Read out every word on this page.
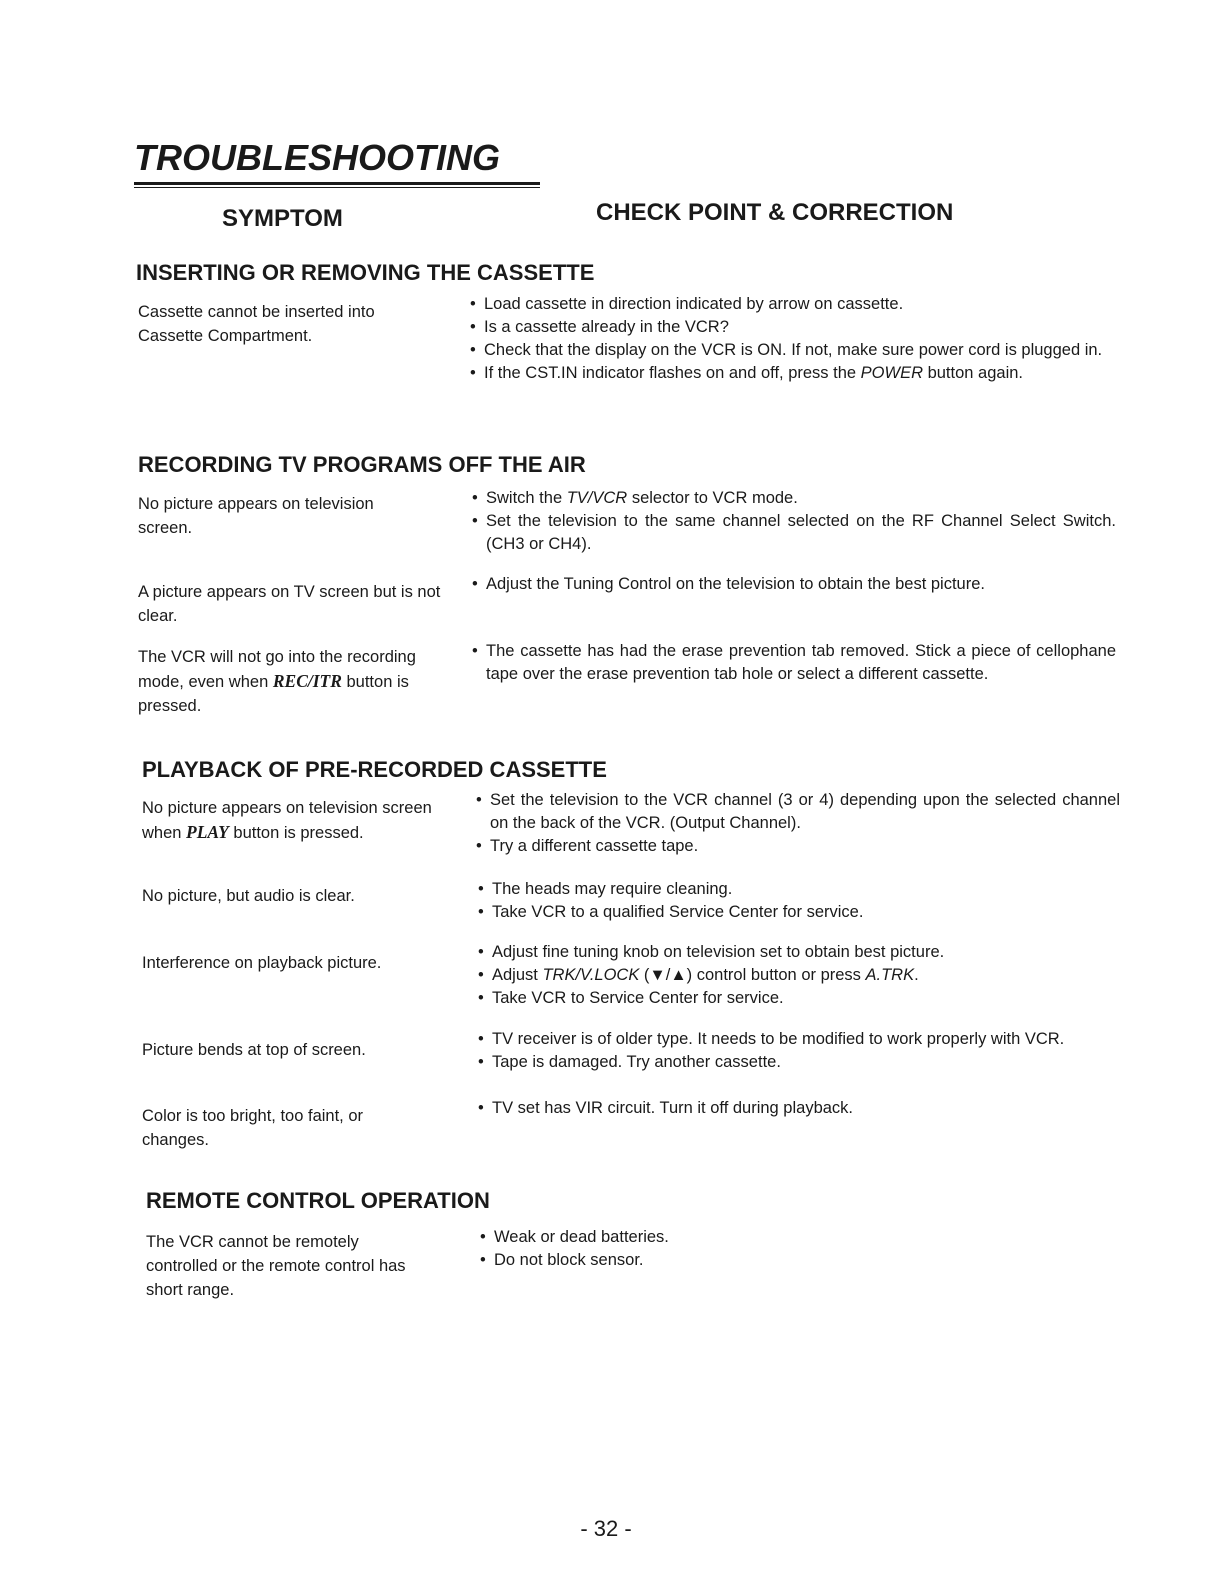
TROUBLESHOOTING
SYMPTOM	CHECK POINT & CORRECTION
INSERTING OR REMOVING THE CASSETTE

Cassette cannot be inserted into Cassette Compartment.

• Load cassette in direction indicated by arrow on cassette.
• Is a cassette already in the VCR?
• Check that the display on the VCR is ON. If not, make sure power cord is plugged in.
• If the CST.IN indicator flashes on and off, press the POWER button again.
RECORDING TV PROGRAMS OFF THE AIR

No picture appears on television screen.

• Switch the TV/VCR selector to VCR mode.
• Set the television to the same channel selected on the RF Channel Select Switch. (CH3 or CH4).

A picture appears on TV screen but is not clear.

• Adjust the Tuning Control on the television to obtain the best picture.

The VCR will not go into the recording mode, even when REC/ITR button is pressed.

• The cassette has had the erase prevention tab removed. Stick a piece of cellophane tape over the erase prevention tab hole or select a different cassette.
PLAYBACK OF PRE-RECORDED CASSETTE

No picture appears on television screen when PLAY button is pressed.

• Set the television to the VCR channel (3 or 4) depending upon the selected channel on the back of the VCR. (Output Channel).
• Try a different cassette tape.

No picture, but audio is clear.

•	The heads may require cleaning.
• Take VCR to a qualified Service Center for service.

Interference on playback picture.

• Adjust fine tuning knob on television set to obtain best picture.
• Adjust TRK/V.LOCK (▼/▲) control button or press A.TRK.
• Take VCR to Service Center for service.

Picture bends at top of screen.

• TV receiver is of older type. It needs to be modified to work properly with VCR.
• Tape is damaged. Try another cassette.

Color is too bright, too faint, or changes.

• TV set has VIR circuit. Turn it off during playback.
REMOTE CONTROL OPERATION

The VCR cannot be remotely controlled or the remote control has short range.

• Weak or dead batteries.
• Do not block sensor.

- 32 -
